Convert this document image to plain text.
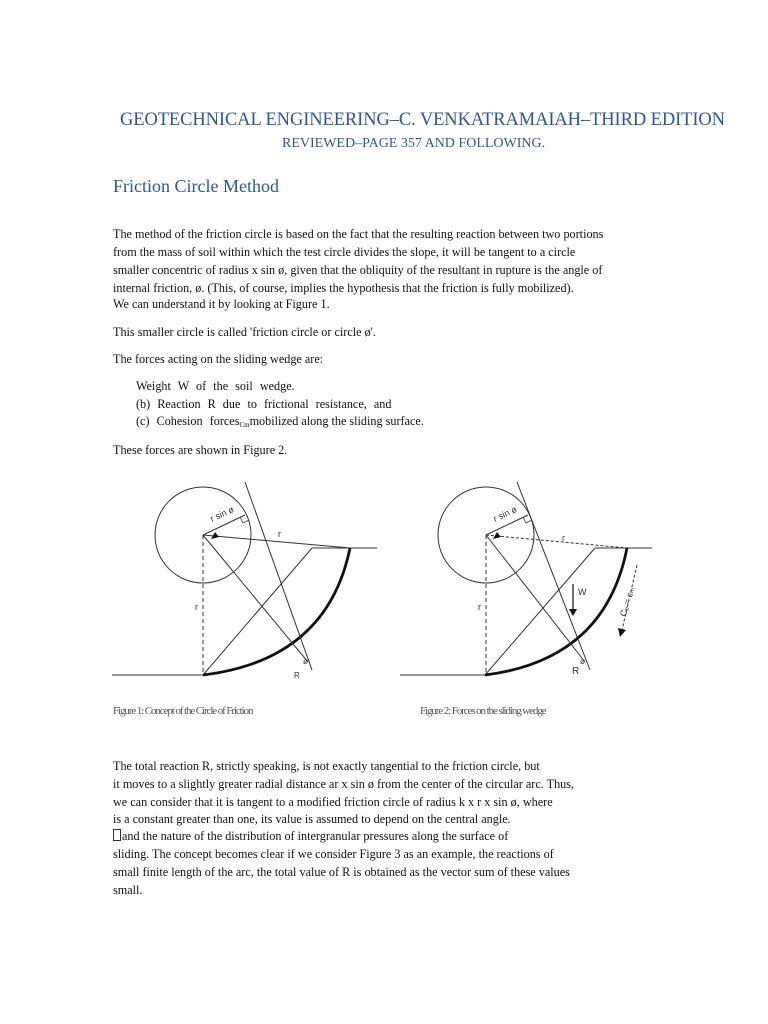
GEOTECHNICAL ENGINEERING–C. VENKATRAMAIAH–THIRD EDITION
REVIEWED–PAGE 357 AND FOLLOWING.
Friction Circle Method
The method of the friction circle is based on the fact that the resulting reaction between two portions
from the mass of soil within which the test circle divides the slope, it will be tangent to a circle
smaller concentric of radius x sin ø, given that the obliquity of the resultant in rupture is the angle of
internal friction, ø. (This, of course, implies the hypothesis that the friction is fully mobilized).
We can understand it by looking at Figure 1.
This smaller circle is called 'friction circle or circle ø'.
The forces acting on the sliding wedge are:
Weight W of the soil wedge.
(b) Reaction R due to frictional resistance, and
(c) Cohesion forces$_{Cm}$mobilized along the sliding surface.
These forces are shown in Figure 2.
r sin ø
r
r
ø
R
r sin ø
r
r
W
ø
R
Cₒ = cₘ
Figure 1: Concept of the Circle of Friction	Figure 2: Forces on the sliding wedge
The total reaction R, strictly speaking, is not exactly tangential to the friction circle, but
it moves to a slightly greater radial distance ar x sin ø from the center of the circular arc. Thus,
we can consider that it is tangent to a modified friction circle of radius k x r x sin ø, where
is a constant greater than one, its value is assumed to depend on the central angle.
and the nature of the distribution of intergranular pressures along the surface of
sliding. The concept becomes clear if we consider Figure 3 as an example, the reactions of
small finite length of the arc, the total value of R is obtained as the vector sum of these values
small.
